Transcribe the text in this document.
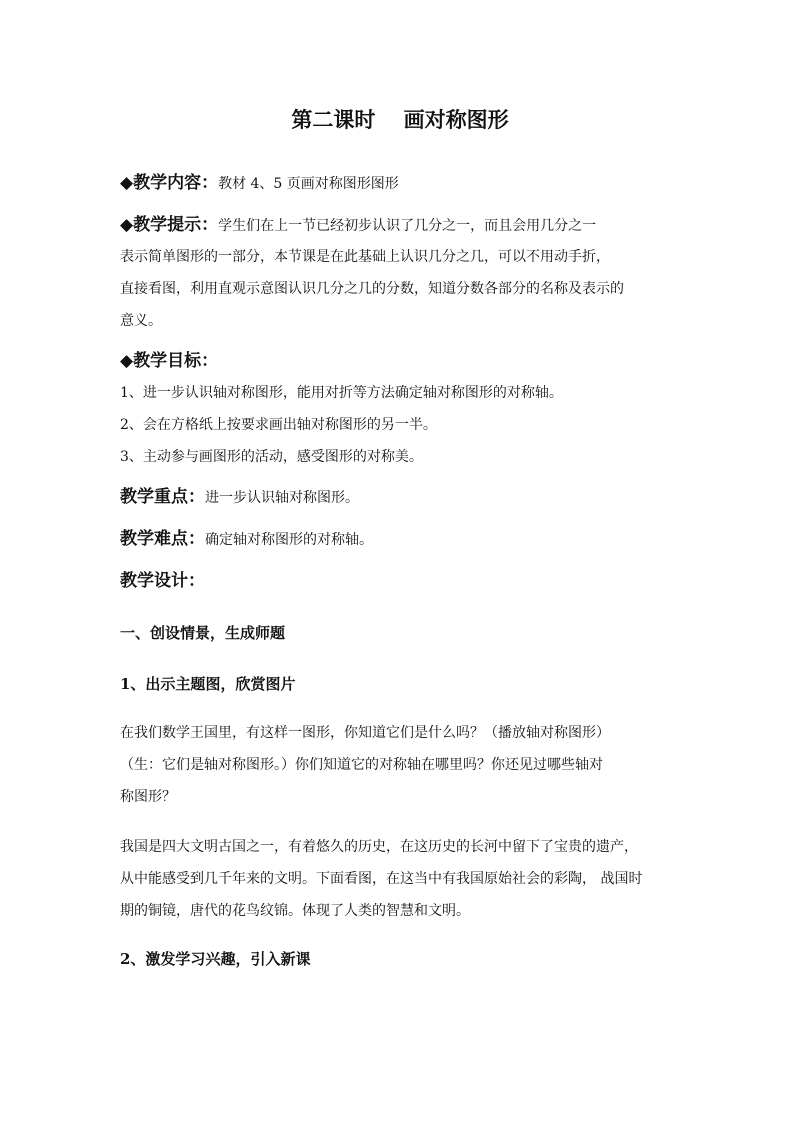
第二课时　 画对称图形
◆教学内容：教材 4、5 页画对称图形图形
◆教学提示：学生们在上一节已经初步认识了几分之一，而且会用几分之一
表示简单图形的一部分，本节课是在此基础上认识几分之几，可以不用动手折，
直接看图，利用直观示意图认识几分之几的分数，知道分数各部分的名称及表示的
意义。
◆教学目标：
1、进一步认识轴对称图形，能用对折等方法确定轴对称图形的对称轴。
2、会在方格纸上按要求画出轴对称图形的另一半。
3、主动参与画图形的活动，感受图形的对称美。
教学重点：进一步认识轴对称图形。
教学难点：确定轴对称图形的对称轴。
教学设计：
一、创设情景，生成师题
1、出示主题图，欣赏图片
在我们数学王国里，有这样一图形，你知道它们是什么吗？（播放轴对称图形）
（生：它们是轴对称图形。）你们知道它的对称轴在哪里吗？你还见过哪些轴对
称图形？
我国是四大文明古国之一，有着悠久的历史，在这历史的长河中留下了宝贵的遗产，
从中能感受到几千年来的文明。下面看图，在这当中有我国原始社会的彩陶， 战国时
期的铜镜，唐代的花鸟纹锦。体现了人类的智慧和文明。
2、激发学习兴趣，引入新课
